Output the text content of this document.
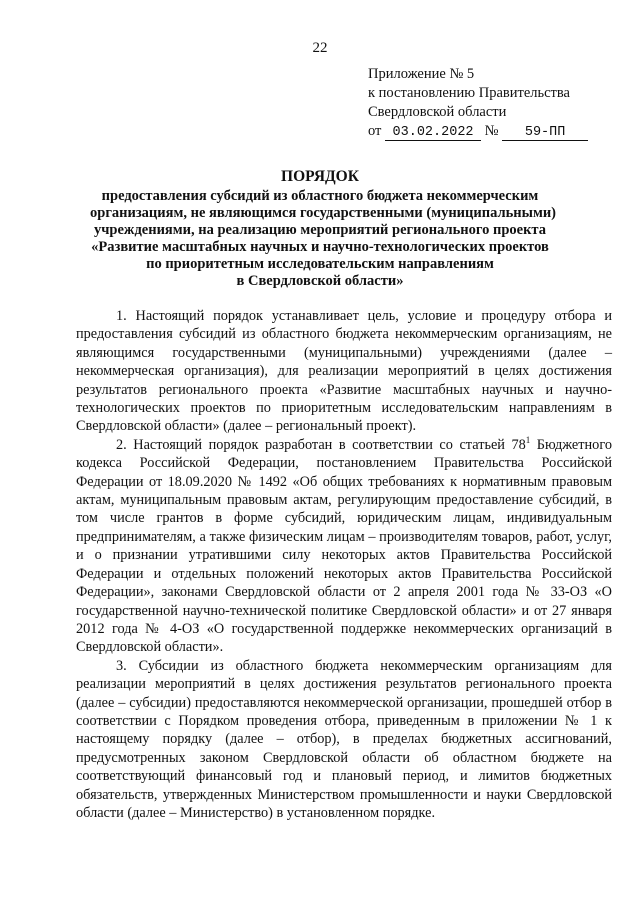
22
Приложение № 5
к постановлению Правительства
Свердловской области
от 03.02.2022 № 59-ПП
ПОРЯДОК
предоставления субсидий из областного бюджета некоммерческим
организациям, не являющимся государственными (муниципальными)
учреждениями, на реализацию мероприятий регионального проекта
«Развитие масштабных научных и научно-технологических проектов
по приоритетным исследовательским направлениям
в Свердловской области»

1. Настоящий порядок устанавливает цель, условие и процедуру отбора и предоставления субсидий из областного бюджета некоммерческим организациям, не являющимся государственными (муниципальными) учреждениями (далее – некоммерческая организация), для реализации мероприятий в целях достижения результатов регионального проекта «Развитие масштабных научных и научно-технологических проектов по приоритетным исследовательским направлениям в Свердловской области» (далее – региональный проект).

2. Настоящий порядок разработан в соответствии со статьей $78^1$ Бюджетного кодекса Российской Федерации, постановлением Правительства Российской Федерации от 18.09.2020 № 1492 «Об общих требованиях к нормативным правовым актам, муниципальным правовым актам, регулирующим предоставление субсидий, в том числе грантов в форме субсидий, юридическим лицам, индивидуальным предпринимателям, а также физическим лицам – производителям товаров, работ, услуг, и о признании утратившими силу некоторых актов Правительства Российской Федерации и отдельных положений некоторых актов Правительства Российской Федерации», законами Свердловской области от 2 апреля 2001 года № 33-ОЗ «О государственной научно-технической политике Свердловской области» и от 27 января 2012 года № 4-ОЗ «О государственной поддержке некоммерческих организаций в Свердловской области».

3. Субсидии из областного бюджета некоммерческим организациям для реализации мероприятий в целях достижения результатов регионального проекта (далее – субсидии) предоставляются некоммерческой организации, прошедшей отбор в соответствии с Порядком проведения отбора, приведенным в приложении № 1 к настоящему порядку (далее – отбор), в пределах бюджетных ассигнований, предусмотренных законом Свердловской области об областном бюджете на соответствующий финансовый год и плановый период, и лимитов бюджетных обязательств, утвержденных Министерством промышленности и науки Свердловской области (далее – Министерство) в установленном порядке.
